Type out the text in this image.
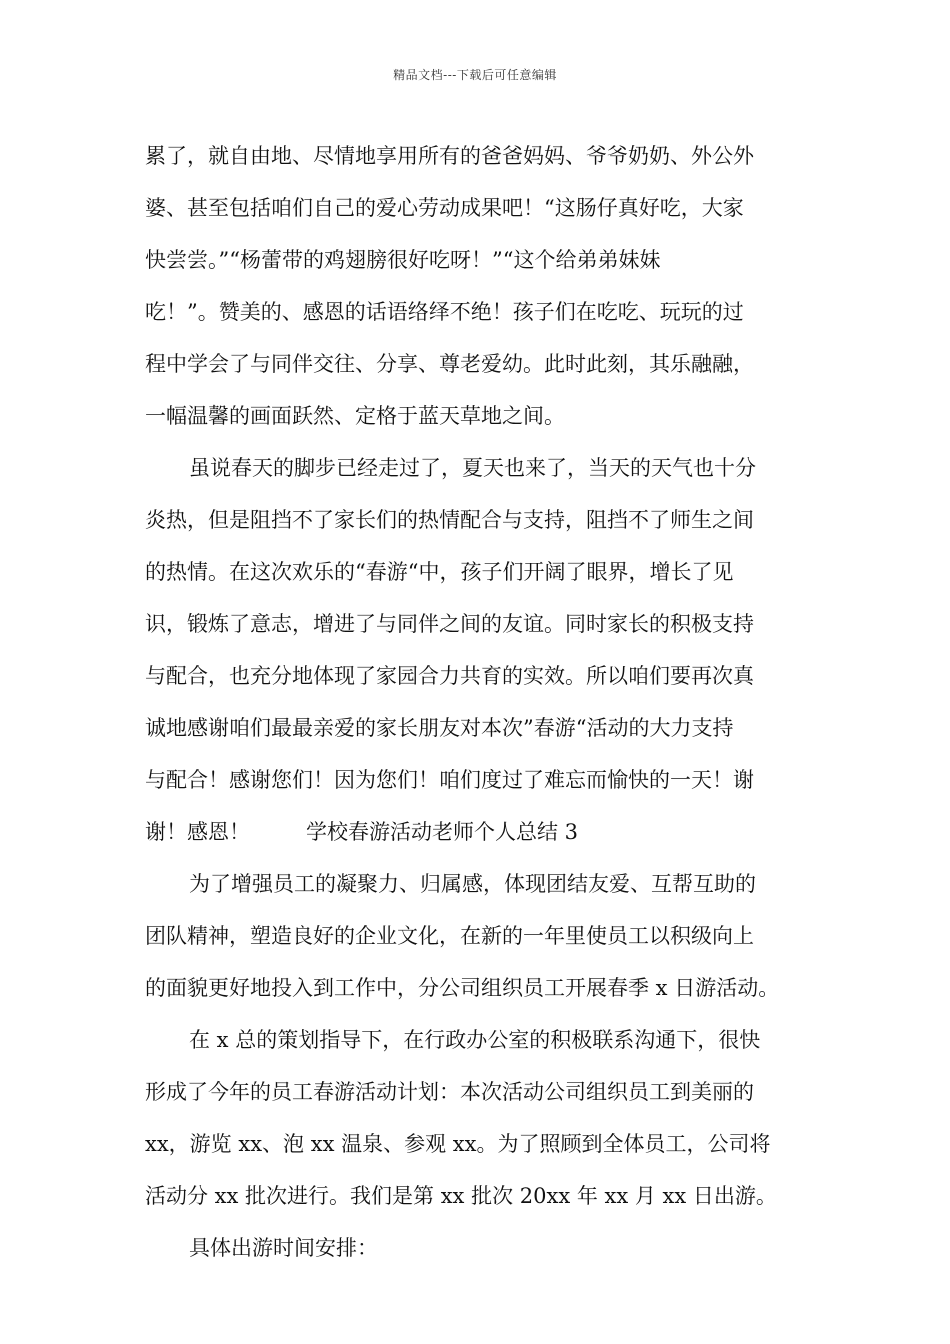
精品文档---下载后可任意编辑
累了，就自由地、尽情地享用所有的爸爸妈妈、爷爷奶奶、外公外
婆、甚至包括咱们自己的爱心劳动成果吧！“这肠仔真好吃，大家
快尝尝。”“杨蕾带的鸡翅膀很好吃呀！”“这个给弟弟妹妹
吃！”。赞美的、感恩的话语络绎不绝！孩子们在吃吃、玩玩的过
程中学会了与同伴交往、分享、尊老爱幼。此时此刻，其乐融融，
一幅温馨的画面跃然、定格于蓝天草地之间。
虽说春天的脚步已经走过了，夏天也来了，当天的天气也十分
炎热，但是阻挡不了家长们的热情配合与支持，阻挡不了师生之间
的热情。在这次欢乐的“春游“中，孩子们开阔了眼界，增长了见
识，锻炼了意志，增进了与同伴之间的友谊。同时家长的积极支持
与配合，也充分地体现了家园合力共育的实效。所以咱们要再次真
诚地感谢咱们最最亲爱的家长朋友对本次”春游“活动的大力支持
与配合！感谢您们！因为您们！咱们度过了难忘而愉快的一天！谢
谢！感恩！	学校春游活动老师个人总结 3
为了增强员工的凝聚力、归属感，体现团结友爱、互帮互助的
团队精神，塑造良好的企业文化，在新的一年里使员工以积级向上
的面貌更好地投入到工作中，分公司组织员工开展春季 x 日游活动。
在 x 总的策划指导下，在行政办公室的积极联系沟通下，很快
形成了今年的员工春游活动计划：本次活动公司组织员工到美丽的
xx，游览 xx、泡 xx 温泉、参观 xx。为了照顾到全体员工，公司将
活动分 xx 批次进行。我们是第 xx 批次 20xx 年 xx 月 xx 日出游。
具体出游时间安排：
